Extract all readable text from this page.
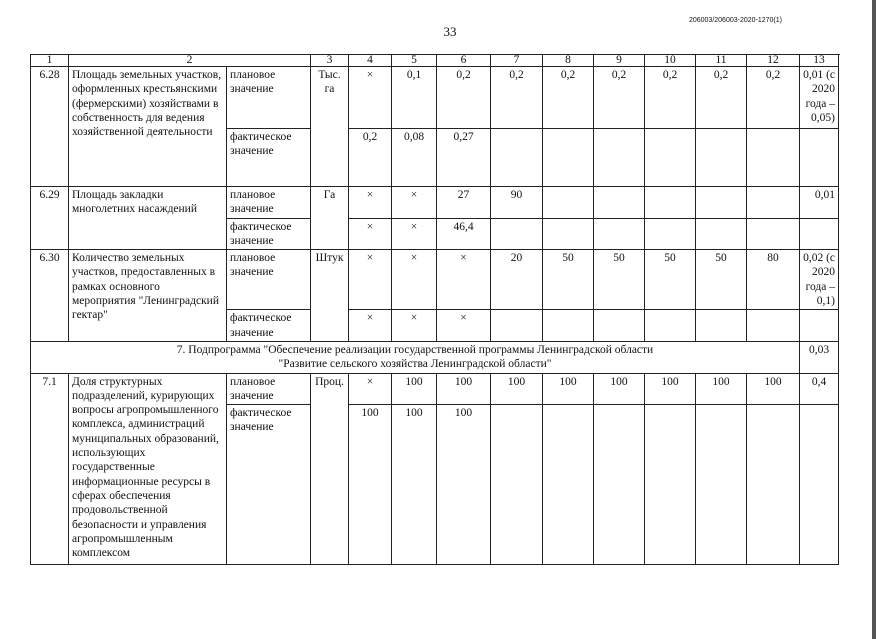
33
206003/206003-2020-1270(1)
1	2		3	4	5	6	7	8	9	10	11	12	13
6.28	Площадь земельных участков, оформленных крестьянскими (фермерскими) хозяйствами в собственность для ведения хозяйственной деятельности	плановое значение	Тыс. га	×	0,1	0,2	0,2	0,2	0,2	0,2	0,2	0,2	0,01 (с 2020 года – 0,05)
		фактическое значение		0,2	0,08	0,27							
6.29	Площадь закладки многолетних насаждений	плановое значение	Га	×	×	27	90						0,01
		фактическое значение		×	×	46,4							
6.30	Количество земельных участков, предоставленных в рамках основного мероприятия "Ленинградский гектар"	плановое значение	Штук	×	×	×	20	50	50	50	50	80	0,02 (с 2020 года – 0,1)
		фактическое значение		×	×	×							

7. Подпрограмма "Обеспечение реализации государственной программы Ленинградской области
"Развитие сельского хозяйства Ленинградской области"													0,03
7.1	Доля структурных подразделений, курирующих вопросы агропромышленного комплекса, администраций муниципальных образований, использующих государственные информационные ресурсы в сферах обеспечения продовольственной безопасности и управления агропромышленным комплексом	плановое значение	Проц.	×	100	100	100	100	100	100	100	100	0,4
		фактическое значение		100	100	100							
